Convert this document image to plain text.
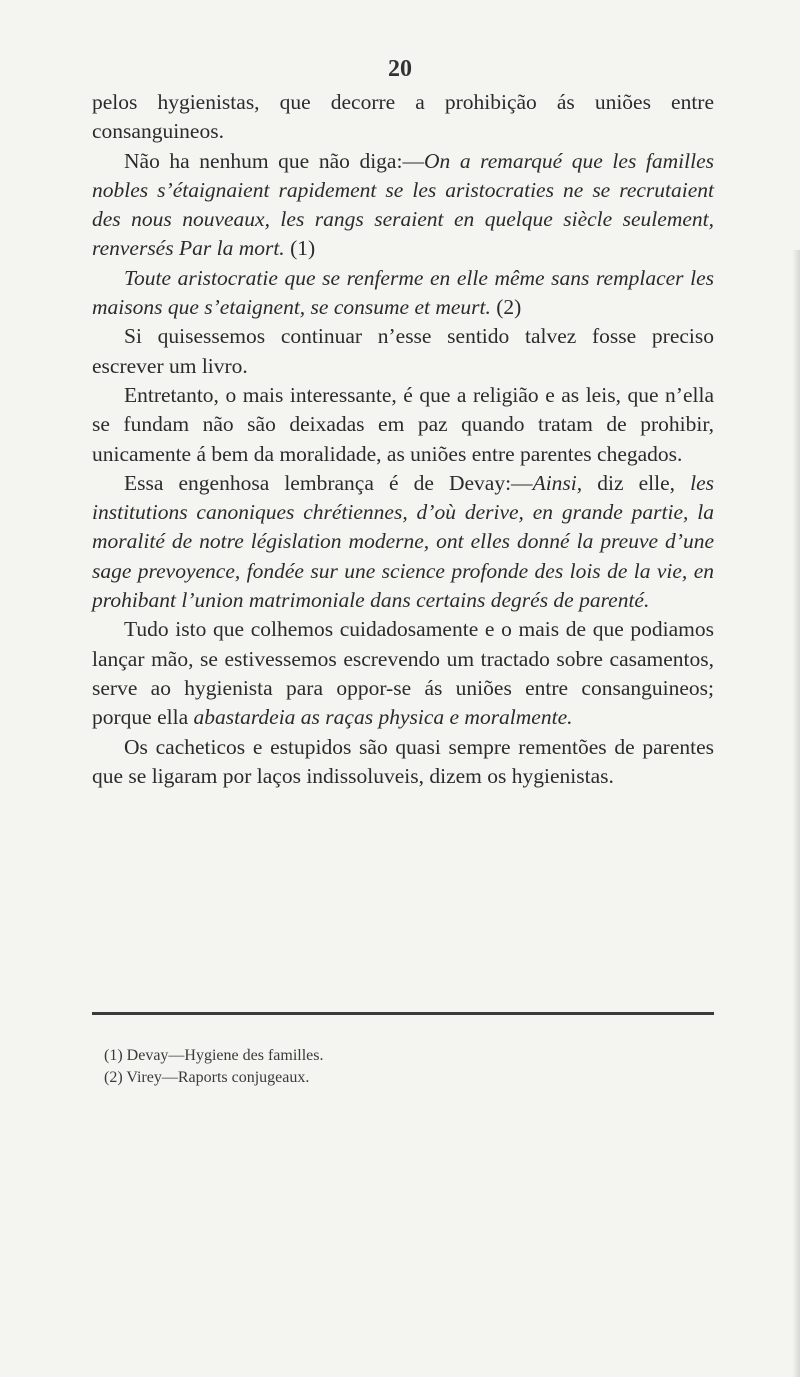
20

pelos hygienistas, que decorre a prohibição ás uniões entre consanguineos.

Não ha nenhum que não diga:—On a remarqué que les familles nobles s’étaignaient rapidement se les aristocraties ne se recrutaient des nous nouveaux, les rangs seraient en quelque siècle seulement, renversés Par la mort. (1)

Toute aristocratie que se renferme en elle même sans remplacer les maisons que s’etaignent, se consume et meurt. (2)

Si quisessemos continuar n’esse sentido talvez fosse preciso escrever um livro.

Entretanto, o mais interessante, é que a religião e as leis, que n’ella se fundam não são deixadas em paz quando tratam de prohibir, unicamente á bem da moralidade, as uniões entre parentes chegados.

Essa engenhosa lembrança é de Devay:—Ainsi, diz elle, les institutions canoniques chrétiennes, d’où derive, en grande partie, la moralité de notre législation moderne, ont elles donné la preuve d’une sage prevoyence, fondée sur une science profonde des lois de la vie, en prohibant l’union matrimoniale dans certains degrés de parenté.

Tudo isto que colhemos cuidadosamente e o mais de que podiamos lançar mão, se estivessemos escrevendo um tractado sobre casamentos, serve ao hygienista para oppor-se ás uniões entre consanguineos; porque ella abastardeia as raças physica e moralmente.

Os cacheticos e estupidos são quasi sempre rementões de parentes que se ligaram por laços indissoluveis, dizem os hygienistas.

(1) Devay—Hygiene des familles.
(2) Virey—Raports conjugeaux.
